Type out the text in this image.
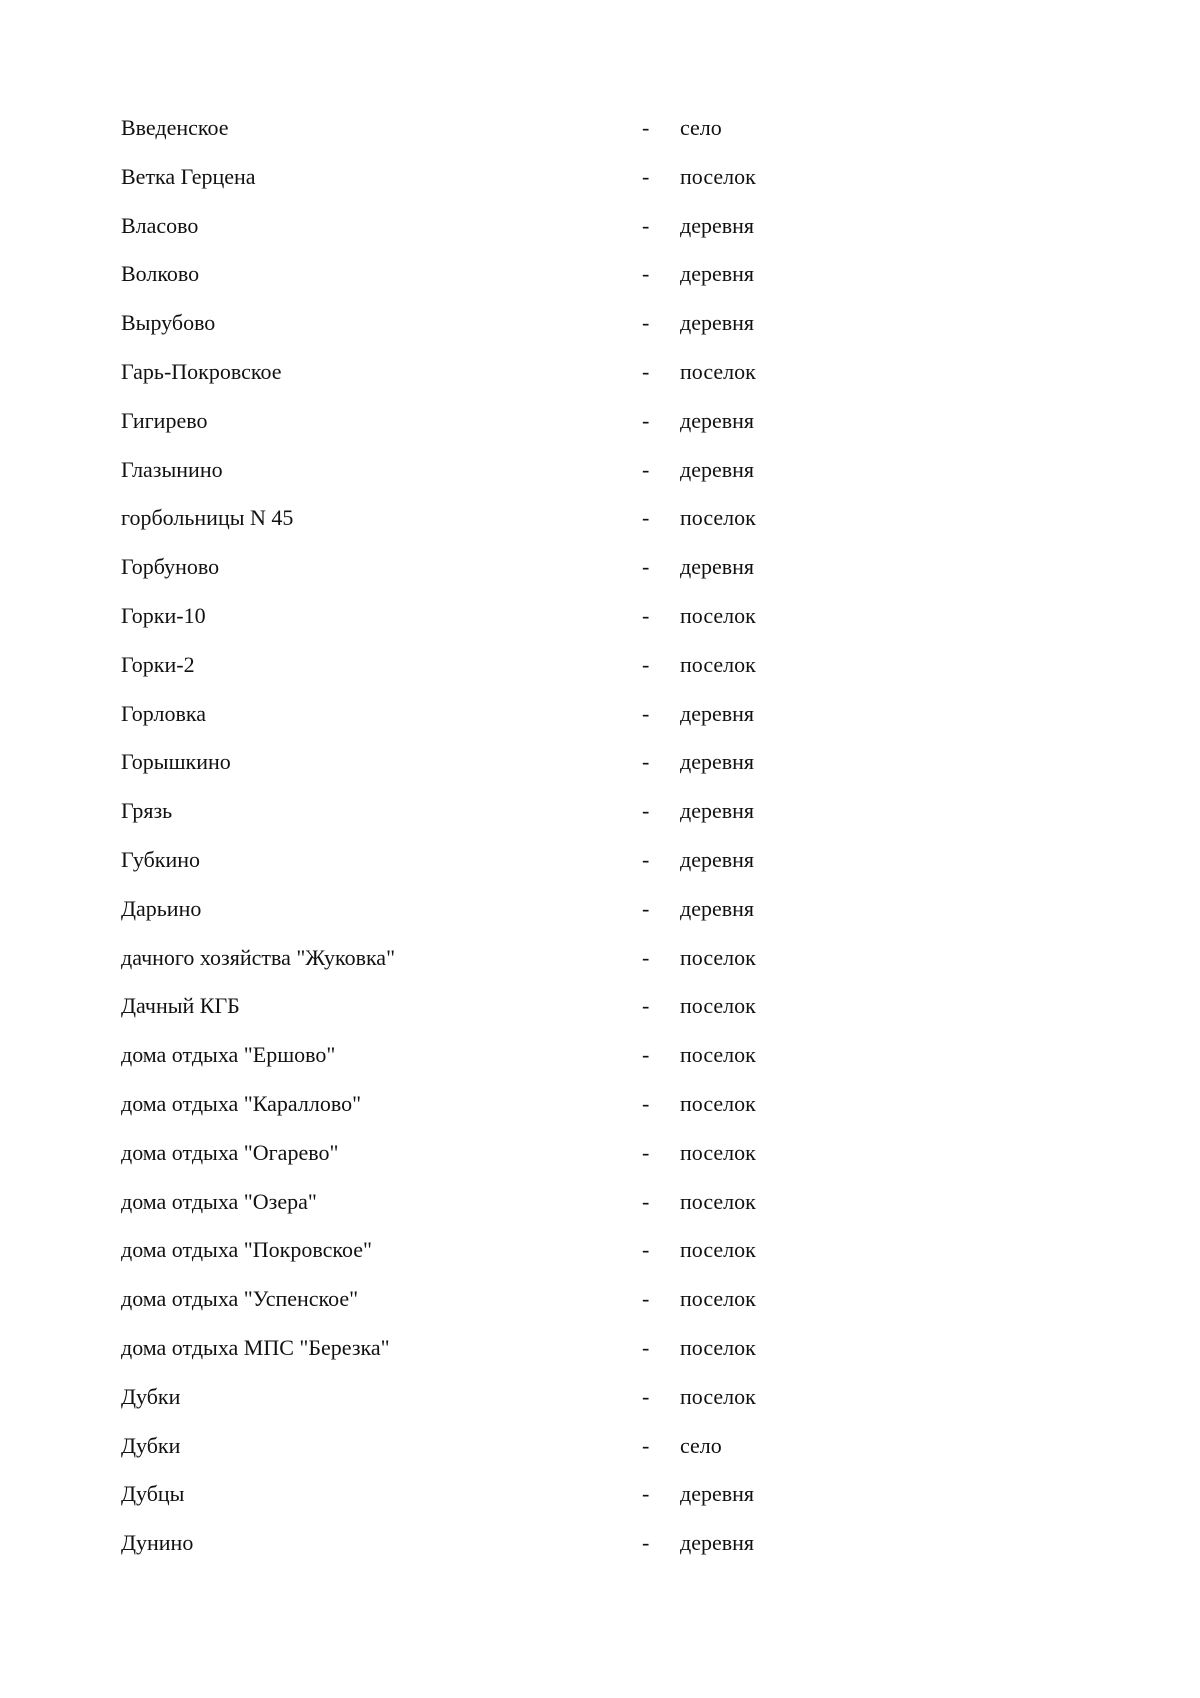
Введенское	- село
Ветка Герцена	- поселок
Власово	- деревня
Волково	- деревня
Вырубово	- деревня
Гарь-Покровское	- поселок
Гигирево	- деревня
Глазынино	- деревня
горбольницы N 45	- поселок
Горбуново	- деревня
Горки-10	- поселок
Горки-2	- поселок
Горловка	- деревня
Горышкино	- деревня
Грязь	- деревня
Губкино	- деревня
Дарьино	- деревня
дачного хозяйства "Жуковка"	- поселок
Дачный КГБ	- поселок
дома отдыха "Ершово"	- поселок
дома отдыха "Караллово"	- поселок
дома отдыха "Огарево"	- поселок
дома отдыха "Озера"	- поселок
дома отдыха "Покровское"	- поселок
дома отдыха "Успенское"	- поселок
дома отдыха МПС "Березка"	- поселок
Дубки	- поселок
Дубки	- село
Дубцы	- деревня
Дунино	- деревня
